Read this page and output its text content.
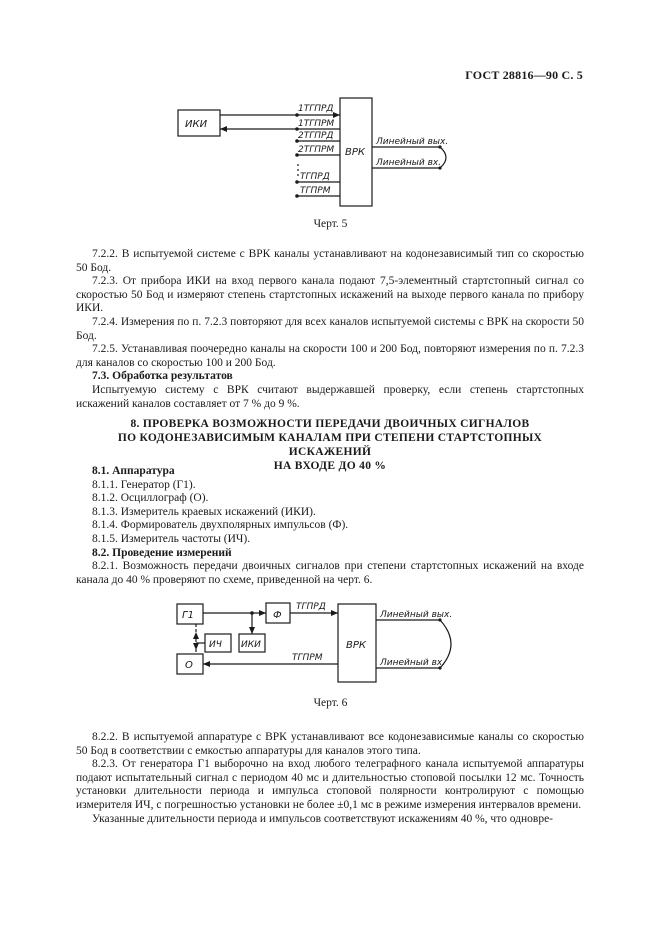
ГОСТ 28816—90 С. 5
ИКИ
ВРК
1ТГПРД
1ТГПРМ
2ТГПРД
2ТГПРМ
ТГПРД
ТГПРМ
Линейный вых.
Линейный вх.
Черт. 5

7.2.2. В испытуемой системе с ВРК каналы устанавливают на кодонезависимый тип со скоростью 50 Бод.

7.2.3. От прибора ИКИ на вход первого канала подают 7,5-элементный стартстопный сигнал со скоростью 50 Бод и измеряют степень стартстопных искажений на выходе первого канала по прибору ИКИ.

7.2.4. Измерения по п. 7.2.3 повторяют для всех каналов испытуемой системы с ВРК на скорости 50 Бод.

7.2.5. Устанавливая поочередно каналы на скорости 100 и 200 Бод, повторяют измерения по п. 7.2.3 для каналов со скоростью 100 и 200 Бод.

7.3. Обработка результатов

Испытуемую систему с ВРК считают выдержавшей проверку, если степень стартстопных искажений каналов составляет от 7 % до 9 %.

8. ПРОВЕРКА ВОЗМОЖНОСТИ ПЕРЕДАЧИ ДВОИЧНЫХ СИГНАЛОВ
ПО КОДОНЕЗАВИСИМЫМ КАНАЛАМ ПРИ СТЕПЕНИ СТАРТСТОПНЫХ ИСКАЖЕНИЙ
НА ВХОДЕ ДО 40 %

8.1. Аппаратура

8.1.1. Генератор (Г1).

8.1.2. Осциллограф (О).

8.1.3. Измеритель краевых искажений (ИКИ).

8.1.4. Формирователь двухполярных импульсов (Ф).

8.1.5. Измеритель частоты (ИЧ).

8.2. Проведение измерений

8.2.1. Возможность передачи двоичных сигналов при степени стартстопных искажений на входе канала до 40 % проверяют по схеме, приведенной на черт. 6.

Г1	Ф
ИЧ ИКИ
О
ВРК
ТГПРД
ТГПРМ
Линейный вых.
Линейный вх.
Черт. 6

8.2.2. В испытуемой аппаратуре с ВРК устанавливают все кодонезависимые каналы со скоростью 50 Бод в соответствии с емкостью аппаратуры для каналов этого типа.

8.2.3. От генератора Г1 выборочно на вход любого телеграфного канала испытуемой аппаратуры подают испытательный сигнал с периодом 40 мс и длительностью стоповой посылки 12 мс. Точность установки длительности периода и импульса стоповой полярности контролируют с помощью измерителя ИЧ, с погрешностью установки не более ±0,1 мс в режиме измерения интервалов времени.

Указанные длительности периода и импульсов соответствуют искажениям 40 %, что одновре-
